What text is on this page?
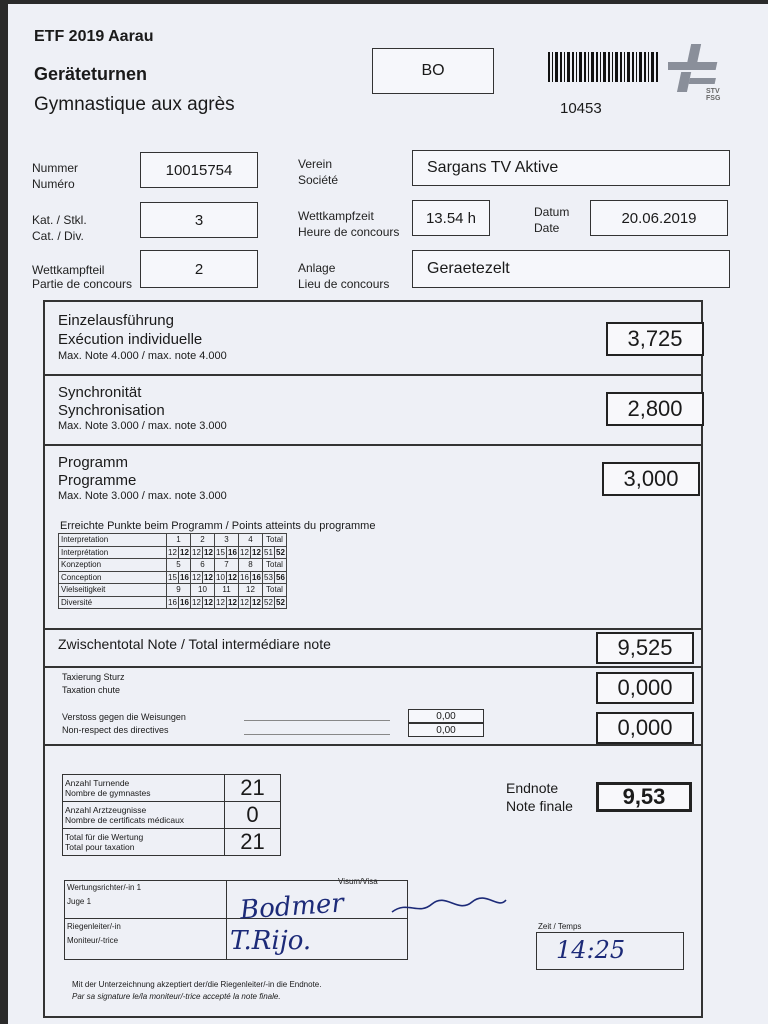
ETF 2019 Aarau
Geräteturnen
Gymnastique aux agrès
BO
10453
STV FSG
Nummer
Numéro
10015754	Verein
Société
Sargans TV Aktive
Kat. / Stkl.
Cat. / Div.
3	Wettkampfzeit
Heure de concours
13.54 h	Datum
Date
20.06.2019
Wettkampfteil
Partie de concours
2	Anlage
Lieu de concours
Geraetezelt
Einzelausführung
Exécution individuelle
Max. Note 4.000 / max. note 4.000
3,725
Synchronität
Synchronisation
Max. Note 3.000 / max. note 3.000
2,800
Programm
Programme
Max. Note 3.000 / max. note 3.000
3,000
Erreichte Punkte beim Programm / Points atteints du programme
Interpretation	1		2		3		4		Total	
Interprétation	12	12	12	12	15	16	12	12	51	52
Konzeption	5		6		7		8		Total	
Conception	15	16	12	12	10	12	16	16	53	56
Vielseitigkeit	9		10		11		12		Total	
Diversité	16	16	12	12	12	12	12	12	52	52
Zwischentotal Note / Total intermédiare note	9,525
Taxierung Sturz
Taxation chute	0,000
Verstoss gegen die Weisungen
Non-respect des directives
0,00
0,00	0,000
Anzahl Turnende
Nombre de gymnastes	21

Anzahl Arztzeugnisse
Nombre de certificats médicaux	0

Total für die Wertung
Total pour taxation	21
Endnote
Note finale	9,53
Visum/Visa
Wertungsrichter/-in 1
Juge 1
Riegenleiter/-in
Moniteur/-trice
Bodmer
T.Rijo.	Zeit / Temps
14:25
Mit der Unterzeichnung akzeptiert der/die Riegenleiter/-in die Endnote.
Par sa signature le/la moniteur/-trice accepté la note finale.
